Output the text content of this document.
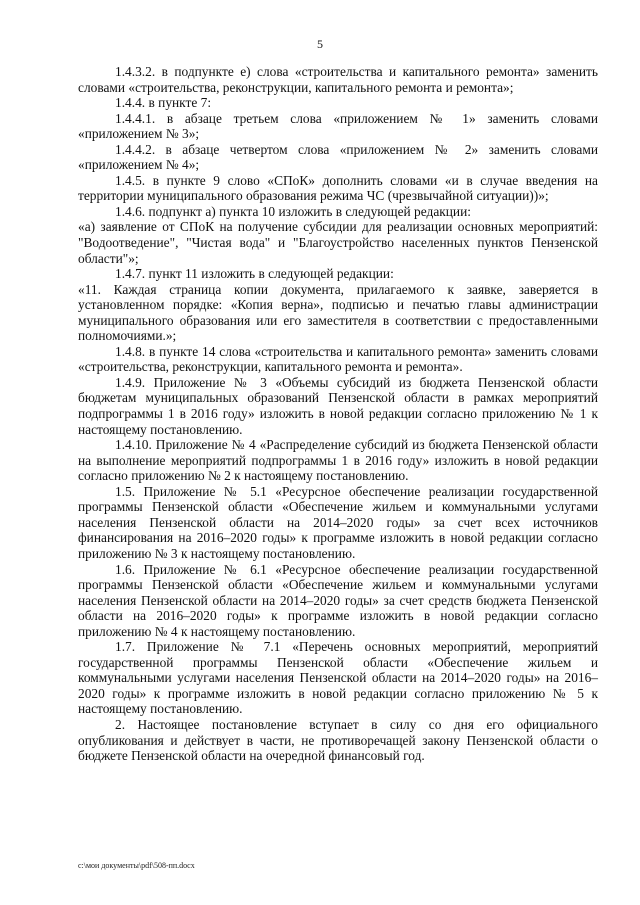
5

1.4.3.2. в подпункте е) слова «строительства и капитального ремонта» заменить словами «строительства, реконструкции, капитального ремонта и ремонта»;

1.4.4. в пункте 7:

1.4.4.1. в абзаце третьем слова «приложением № 1» заменить словами «приложением № 3»;

1.4.4.2. в абзаце четвертом слова «приложением № 2» заменить словами «приложением № 4»;

1.4.5. в пункте 9 слово «СПоК» дополнить словами «и в случае введения на территории муниципального образования режима ЧС (чрезвычайной ситуации))»;

1.4.6. подпункт а) пункта 10 изложить в следующей редакции:

«а) заявление от СПоК на получение субсидии для реализации основных мероприятий: "Водоотведение", "Чистая вода" и "Благоустройство населенных пунктов Пензенской области"»;

1.4.7. пункт 11 изложить в следующей редакции:

«11. Каждая страница копии документа, прилагаемого к заявке, заверяется в установленном порядке: «Копия верна», подписью и печатью главы администрации муниципального образования или его заместителя в соответствии с предоставленными полномочиями.»;

1.4.8. в пункте 14 слова «строительства и капитального ремонта» заменить словами «строительства, реконструкции, капитального ремонта и ремонта».

1.4.9. Приложение № 3 «Объемы субсидий из бюджета Пензенской области бюджетам муниципальных образований Пензенской области в рамках мероприятий подпрограммы 1 в 2016 году» изложить в новой редакции согласно приложению № 1 к настоящему постановлению.

1.4.10. Приложение № 4 «Распределение субсидий из бюджета Пензенской области на выполнение мероприятий подпрограммы 1 в 2016 году» изложить в новой редакции согласно приложению № 2 к настоящему постановлению.

1.5. Приложение № 5.1 «Ресурсное обеспечение реализации государственной программы Пензенской области «Обеспечение жильем и коммунальными услугами населения Пензенской области на 2014–2020 годы» за счет всех источников финансирования на 2016–2020 годы» к программе изложить в новой редакции согласно приложению № 3 к настоящему постановлению.

1.6. Приложение № 6.1 «Ресурсное обеспечение реализации государственной программы Пензенской области «Обеспечение жильем и коммунальными услугами населения Пензенской области на 2014–2020 годы» за счет средств бюджета Пензенской области на 2016–2020 годы» к программе изложить в новой редакции согласно приложению № 4 к настоящему постановлению.

1.7. Приложение № 7.1 «Перечень основных мероприятий, мероприятий государственной программы Пензенской области «Обеспечение жильем и коммунальными услугами населения Пензенской области на 2014–2020 годы» на 2016–2020 годы» к программе изложить в новой редакции согласно приложению № 5 к настоящему постановлению.

2. Настоящее постановление вступает в силу со дня его официального опубликования и действует в части, не противоречащей закону Пензенской области о бюджете Пензенской области на очередной финансовый год.

c:\мои документы\pdf\508-пп.docx
